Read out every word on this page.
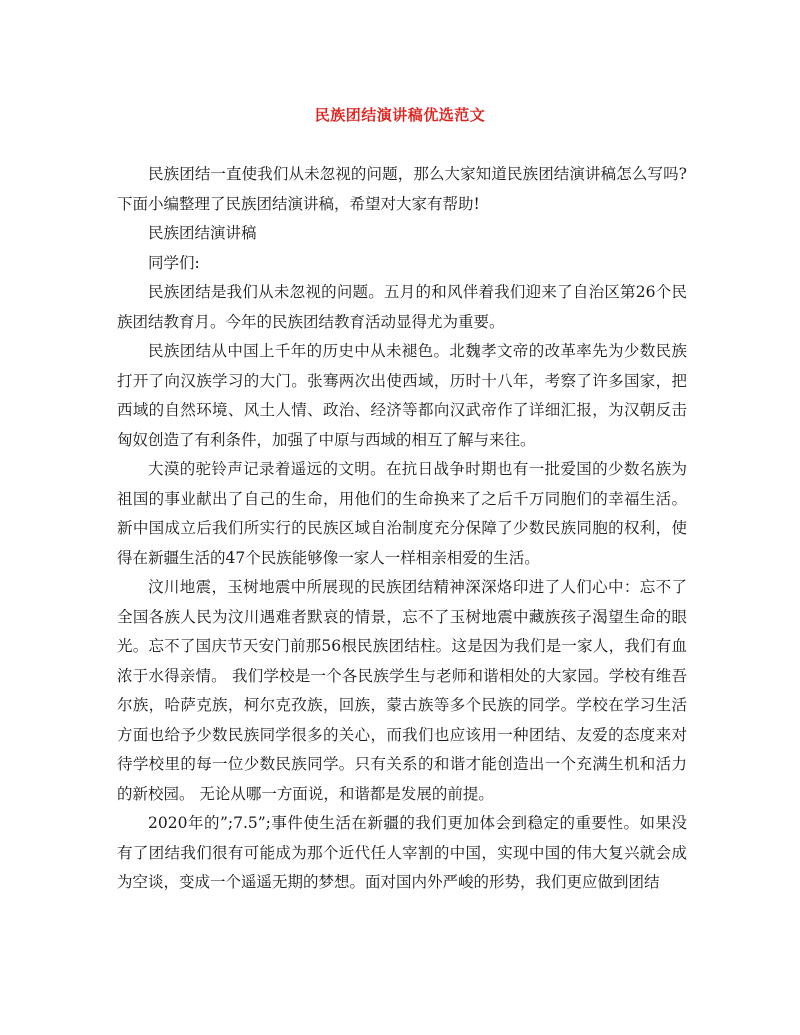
民族团结演讲稿优选范文

民族团结一直使我们从未忽视的问题，那么大家知道民族团结演讲稿怎么写吗?下面小编整理了民族团结演讲稿，希望对大家有帮助!

民族团结演讲稿

同学们:

民族团结是我们从未忽视的问题。五月的和风伴着我们迎来了自治区第26个民族团结教育月。今年的民族团结教育活动显得尤为重要。

民族团结从中国上千年的历史中从未褪色。北魏孝文帝的改革率先为少数民族打开了向汉族学习的大门。张骞两次出使西域，历时十八年，考察了许多国家，把西域的自然环境、风土人情、政治、经济等都向汉武帝作了详细汇报，为汉朝反击匈奴创造了有利条件，加强了中原与西域的相互了解与来往。

大漠的驼铃声记录着遥远的文明。在抗日战争时期也有一批爱国的少数名族为祖国的事业献出了自己的生命，用他们的生命换来了之后千万同胞们的幸福生活。新中国成立后我们所实行的民族区域自治制度充分保障了少数民族同胞的权利，使得在新疆生活的47个民族能够像一家人一样相亲相爱的生活。

汶川地震，玉树地震中所展现的民族团结精神深深烙印进了人们心中：忘不了全国各族人民为汶川遇难者默哀的情景，忘不了玉树地震中藏族孩子渴望生命的眼光。忘不了国庆节天安门前那56根民族团结柱。这是因为我们是一家人，我们有血浓于水得亲情。 我们学校是一个各民族学生与老师和谐相处的大家园。学校有维吾尔族，哈萨克族，柯尔克孜族，回族，蒙古族等多个民族的同学。学校在学习生活方面也给予少数民族同学很多的关心，而我们也应该用一种团结、友爱的态度来对待学校里的每一位少数民族同学。只有关系的和谐才能创造出一个充满生机和活力的新校园。 无论从哪一方面说，和谐都是发展的前提。

2020年的”;7.5”;事件使生活在新疆的我们更加体会到稳定的重要性。如果没有了团结我们很有可能成为那个近代任人宰割的中国，实现中国的伟大复兴就会成为空谈，变成一个遥遥无期的梦想。面对国内外严峻的形势，我们更应做到团结
